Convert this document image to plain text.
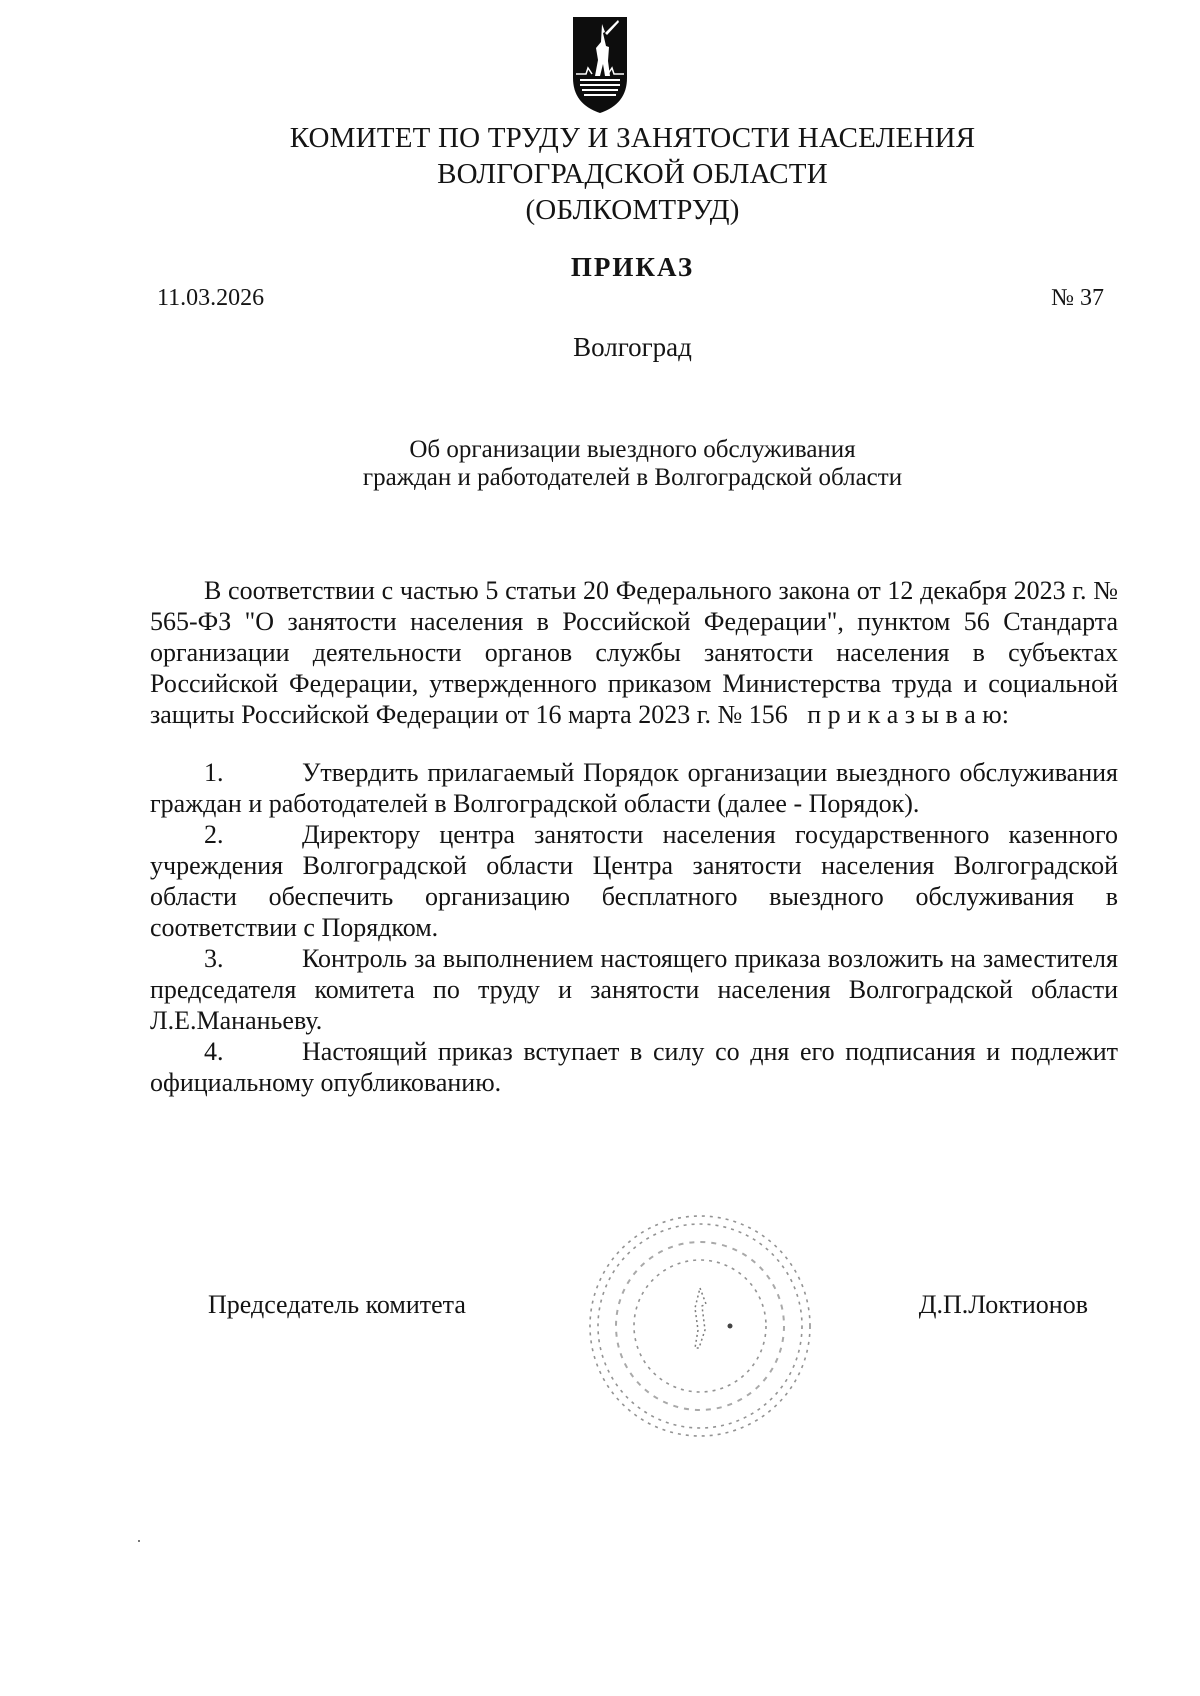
КОМИТЕТ ПО ТРУДУ И ЗАНЯТОСТИ НАСЕЛЕНИЯ
ВОЛГОГРАДСКОЙ ОБЛАСТИ
(ОБЛКОМТРУД)
ПРИКАЗ
11.03.2026	№ 37
Волгоград
Об организации выездного обслуживания
граждан и работодателей в Волгоградской области
В соответствии с частью 5 статьи 20 Федерального закона от 12 декабря 2023 г. № 565-ФЗ "О занятости населения в Российской Федерации", пунктом 56 Стандарта организации деятельности органов службы занятости населения в субъектах Российской Федерации, утвержденного приказом Министерства труда и социальной защиты Российской Федерации от 16 марта 2023 г. № 156 п р и к а з ы в а ю:
1.	Утвердить прилагаемый Порядок организации выездного обслуживания граждан и работодателей в Волгоградской области (далее - Порядок).
2.	Директору центра занятости населения государственного казенного учреждения Волгоградской области Центра занятости населения Волгоградской области обеспечить организацию бесплатного выездного обслуживания в соответствии с Порядком.
3.	Контроль за выполнением настоящего приказа возложить на заместителя председателя комитета по труду и занятости населения Волгоградской области Л.Е.Мананьеву.
4.	Настоящий приказ вступает в силу со дня его подписания и подлежит официальному опубликованию.
Председатель комитета	Д.П.Локтионов
